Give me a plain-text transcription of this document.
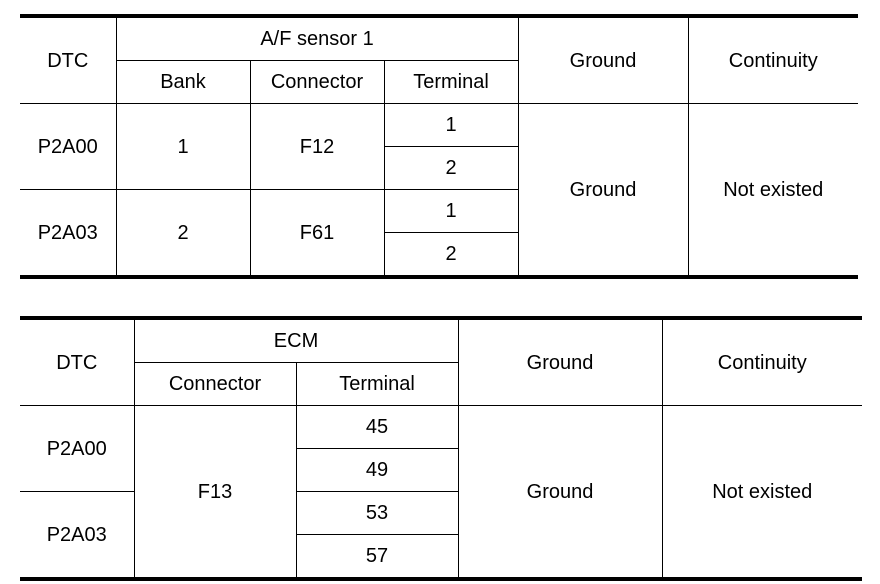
DTC	A/F sensor 1			Ground	Continuity
	Bank	Connector	Terminal		
P2A00	1	F12	1	Ground	Not existed
			2		
P2A03	2	F61	1		
			2		
DTC	ECM		Ground	Continuity
	Connector	Terminal		
P2A00	F13	45	Ground	Not existed
		49		
P2A03		53		
		57		
